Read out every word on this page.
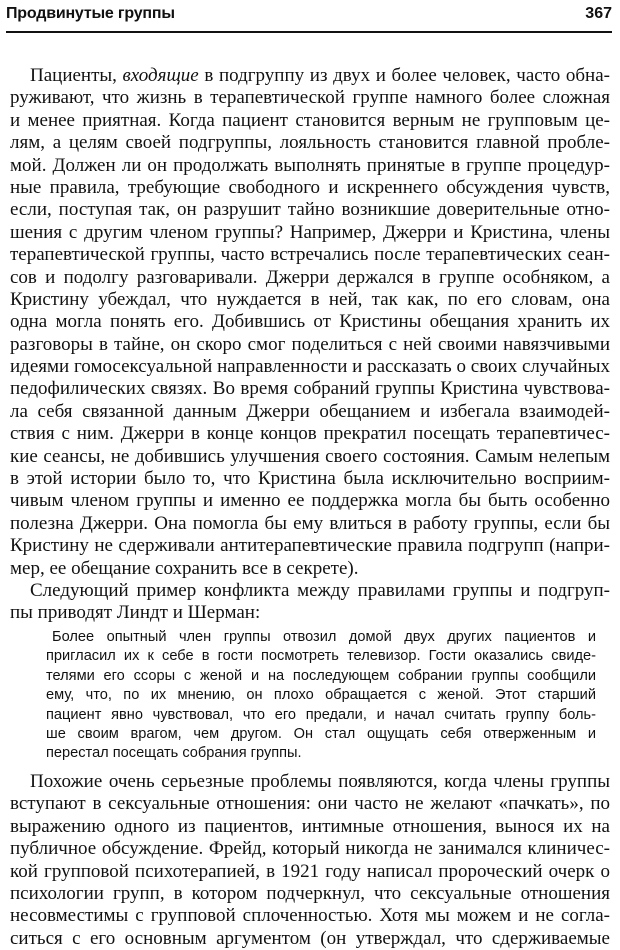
Продвинутые группы	367
Пациенты, входящие в подгруппу из двух и более человек, часто обна-
руживают, что жизнь в терапевтической группе намного более сложная
и менее приятная. Когда пациент становится верным не групповым це-
лям, а целям своей подгруппы, лояльность становится главной пробле-
мой. Должен ли он продолжать выполнять принятые в группе процедур-
ные правила, требующие свободного и искреннего обсуждения чувств,
если, поступая так, он разрушит тайно возникшие доверительные отно-
шения с другим членом группы? Например, Джерри и Кристина, члены
терапевтической группы, часто встречались после терапевтических сеан-
сов и подолгу разговаривали. Джерри держался в группе особняком, а
Кристину убеждал, что нуждается в ней, так как, по его словам, она
одна могла понять его. Добившись от Кристины обещания хранить их
разговоры в тайне, он скоро смог поделиться с ней своими навязчивыми
идеями гомосексуальной направленности и рассказать о своих случайных
педофилических связях. Во время собраний группы Кристина чувствова-
ла себя связанной данным Джерри обещанием и избегала взаимодей-
ствия с ним. Джерри в конце концов прекратил посещать терапевтичес-
кие сеансы, не добившись улучшения своего состояния. Самым нелепым
в этой истории было то, что Кристина была исключительно восприим-
чивым членом группы и именно ее поддержка могла бы быть особенно
полезна Джерри. Она помогла бы ему влиться в работу группы, если бы
Кристину не сдерживали антитерапевтические правила подгрупп (напри-
мер, ее обещание сохранить все в секрете).
Следующий пример конфликта между правилами группы и подгруп-
пы приводят Линдт и Шерман:
Более опытный член группы отвозил домой двух других пациентов и
пригласил их к себе в гости посмотреть телевизор. Гости оказались свиде-
телями его ссоры с женой и на последующем собрании группы сообщили
ему, что, по их мнению, он плохо обращается с женой. Этот старший
пациент явно чувствовал, что его предали, и начал считать группу боль-
ше своим врагом, чем другом. Он стал ощущать себя отверженным и
перестал посещать собрания группы.
Похожие очень серьезные проблемы появляются, когда члены группы
вступают в сексуальные отношения: они часто не желают «пачкать», по
выражению одного из пациентов, интимные отношения, вынося их на
публичное обсуждение. Фрейд, который никогда не занимался клиничес-
кой групповой психотерапией, в 1921 году написал пророческий очерк о
психологии групп, в котором подчеркнул, что сексуальные отношения
несовместимы с групповой сплоченностью. Хотя мы можем и не согла-
ситься с его основным аргументом (он утверждал, что сдерживаемые
